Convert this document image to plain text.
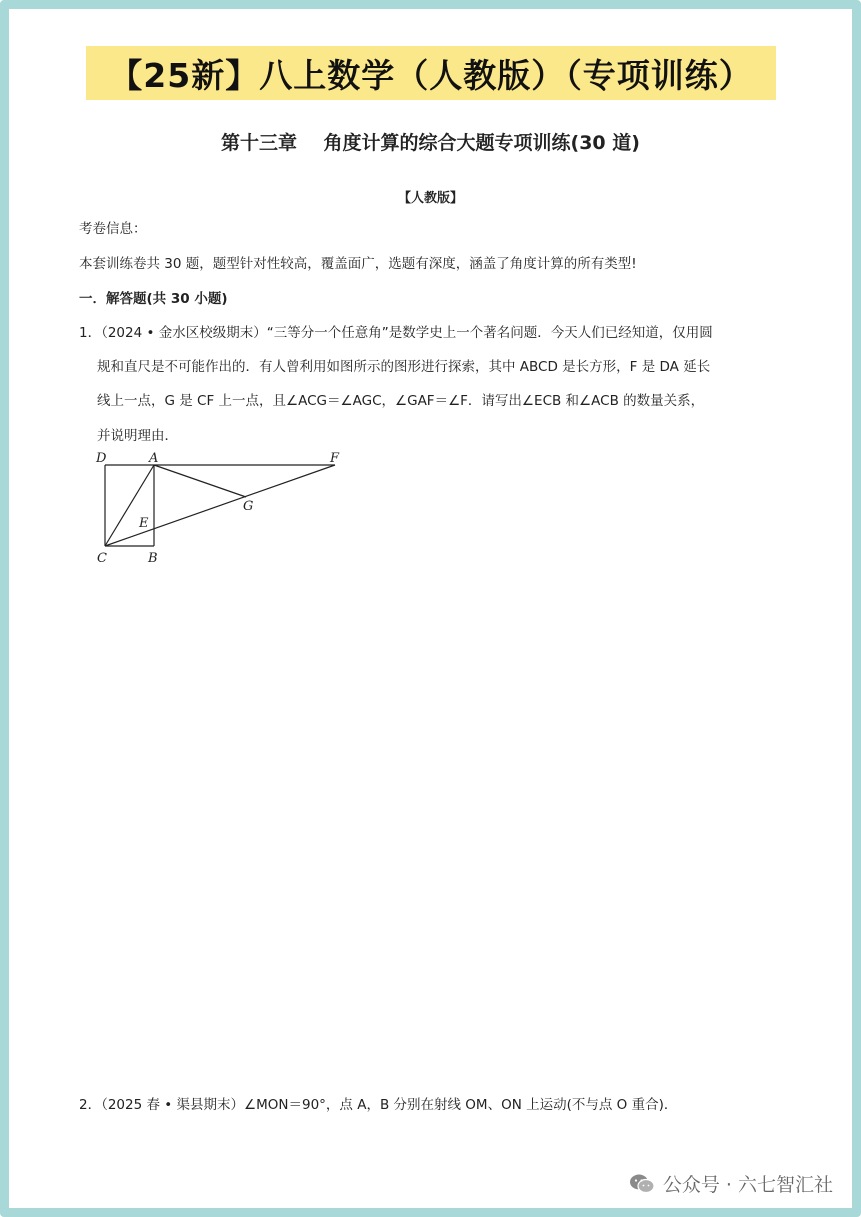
【25新】八上数学（人教版）（专项训练）
第十三章    角度计算的综合大题专项训练(30 道)
【人教版】
考卷信息：
本套训练卷共 30 题，题型针对性较高，覆盖面广，选题有深度，涵盖了角度计算的所有类型!
一．解答题(共 30 小题)
1．（2024 • 金水区校级期末）“三等分一个任意角”是数学史上一个著名问题．今天人们已经知道，仅用圆
规和直尺是不可能作出的．有人曾利用如图所示的图形进行探索，其中 ABCD 是长方形，F 是 DA 延长
线上一点，G 是 CF 上一点，且∠ACG＝∠AGC，∠GAF＝∠F．请写出∠ECB 和∠ACB 的数量关系，
并说明理由．
D	A	F
G
E
C	B
2．（2025 春 • 渠县期末）∠MON＝90°，点 A，B 分别在射线 OM、ON 上运动(不与点 O 重合)．
公众号 · 六七智汇社
